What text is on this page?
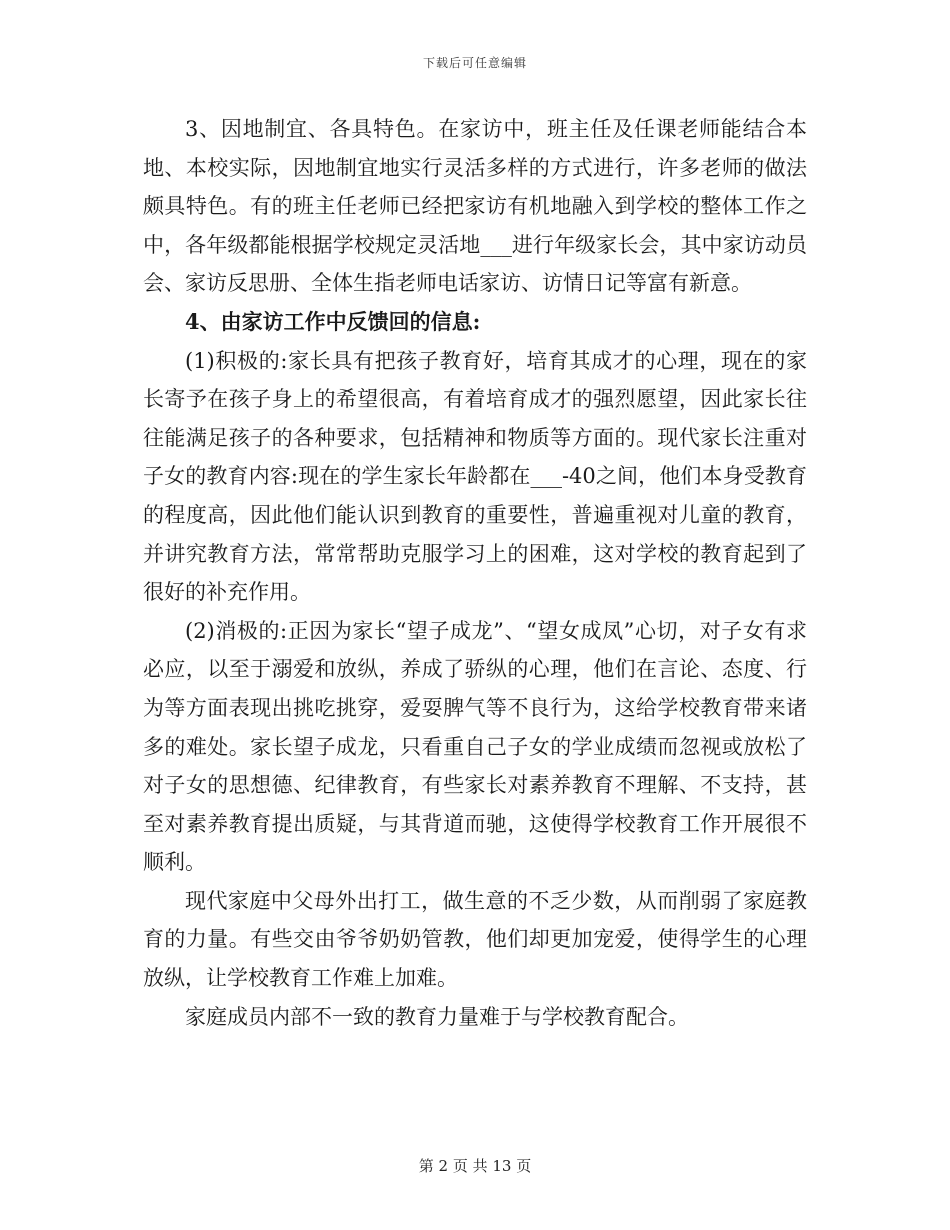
下载后可任意编辑

3、因地制宜、各具特色。在家访中，班主任及任课老师能结合本地、本校实际，因地制宜地实行灵活多样的方式进行，许多老师的做法颇具特色。有的班主任老师已经把家访有机地融入到学校的整体工作之中，各年级都能根据学校规定灵活地___进行年级家长会，其中家访动员会、家访反思册、全体生指老师电话家访、访情日记等富有新意。

4、由家访工作中反馈回的信息:

(1)积极的:家长具有把孩子教育好，培育其成才的心理，现在的家长寄予在孩子身上的希望很高，有着培育成才的强烈愿望，因此家长往往能满足孩子的各种要求，包括精神和物质等方面的。现代家长注重对子女的教育内容:现在的学生家长年龄都在___-40之间，他们本身受教育的程度高，因此他们能认识到教育的重要性，普遍重视对儿童的教育，并讲究教育方法，常常帮助克服学习上的困难，这对学校的教育起到了很好的补充作用。

(2)消极的:正因为家长“望子成龙”、“望女成凤”心切，对子女有求必应，以至于溺爱和放纵，养成了骄纵的心理，他们在言论、态度、行为等方面表现出挑吃挑穿，爱耍脾气等不良行为，这给学校教育带来诸多的难处。家长望子成龙，只看重自己子女的学业成绩而忽视或放松了对子女的思想德、纪律教育，有些家长对素养教育不理解、不支持，甚至对素养教育提出质疑，与其背道而驰，这使得学校教育工作开展很不顺利。

现代家庭中父母外出打工，做生意的不乏少数，从而削弱了家庭教育的力量。有些交由爷爷奶奶管教，他们却更加宠爱，使得学生的心理放纵，让学校教育工作难上加难。

家庭成员内部不一致的教育力量难于与学校教育配合。

第 2 页 共 13 页
